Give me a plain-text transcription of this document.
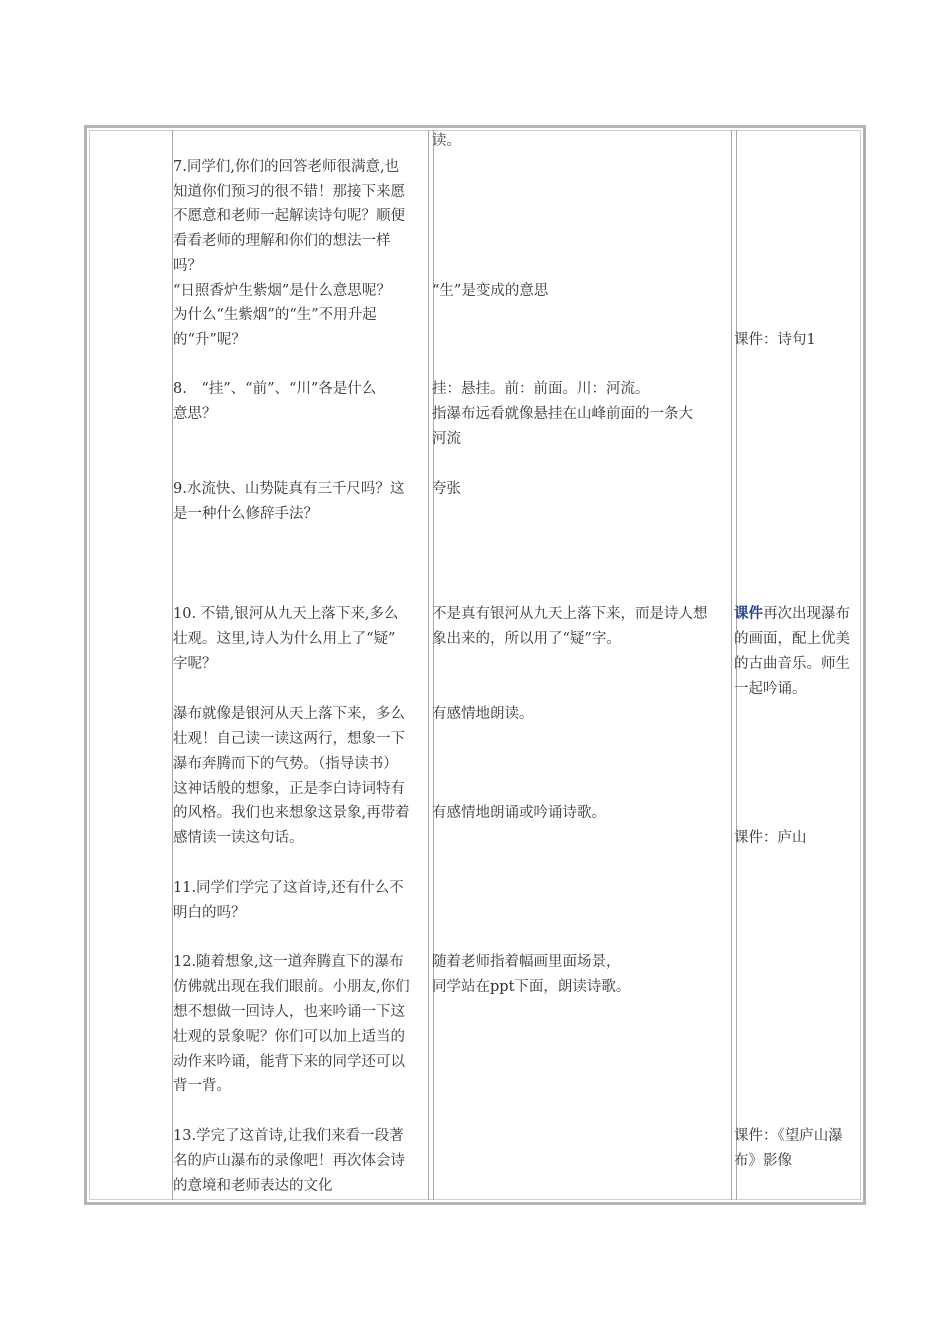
读。

7.同学们,你们的回答老师很满意,也

知道你们预习的很不错！那接下来愿

不愿意和老师一起解读诗句呢？顺便

看看老师的理解和你们的想法一样

吗？

“日照香炉生紫烟”是什么意思呢？

为什么“生紫烟”的“生”不用升起

的“升”呢？

“生”是变成的意思

课件：诗句1

8.　“挂”、“前”、“川”各是什么

意思？

挂：悬挂。前：前面。川：河流。

指瀑布远看就像悬挂在山峰前面的一条大

河流

9.水流快、山势陡真有三千尺吗？这

是一种什么修辞手法？

夸张

10. 不错,银河从九天上落下来,多么

壮观。这里,诗人为什么用上了“疑”

字呢？

不是真有银河从九天上落下来，而是诗人想

象出来的，所以用了“疑”字。

课件再次出现瀑布

的画面，配上优美

的古曲音乐。师生

一起吟诵。

瀑布就像是银河从天上落下来，多么

壮观！自己读一读这两行，想象一下

瀑布奔腾而下的气势。（指导读书）

这神话般的想象，正是李白诗词特有

的风格。我们也来想象这景象,再带着

感情读一读这句话。

有感情地朗读。

有感情地朗诵或吟诵诗歌。

课件：庐山

11.同学们学完了这首诗,还有什么不

明白的吗？

12.随着想象,这一道奔腾直下的瀑布

仿佛就出现在我们眼前。小朋友,你们

想不想做一回诗人，也来吟诵一下这

壮观的景象呢？你们可以加上适当的

动作来吟诵，能背下来的同学还可以

背一背。

随着老师指着幅画里面场景，

同学站在ppt下面，朗读诗歌。

13.学完了这首诗,让我们来看一段著

名的庐山瀑布的录像吧！再次体会诗

的意境和老师表达的文化

课件：《望庐山瀑

布》影像
